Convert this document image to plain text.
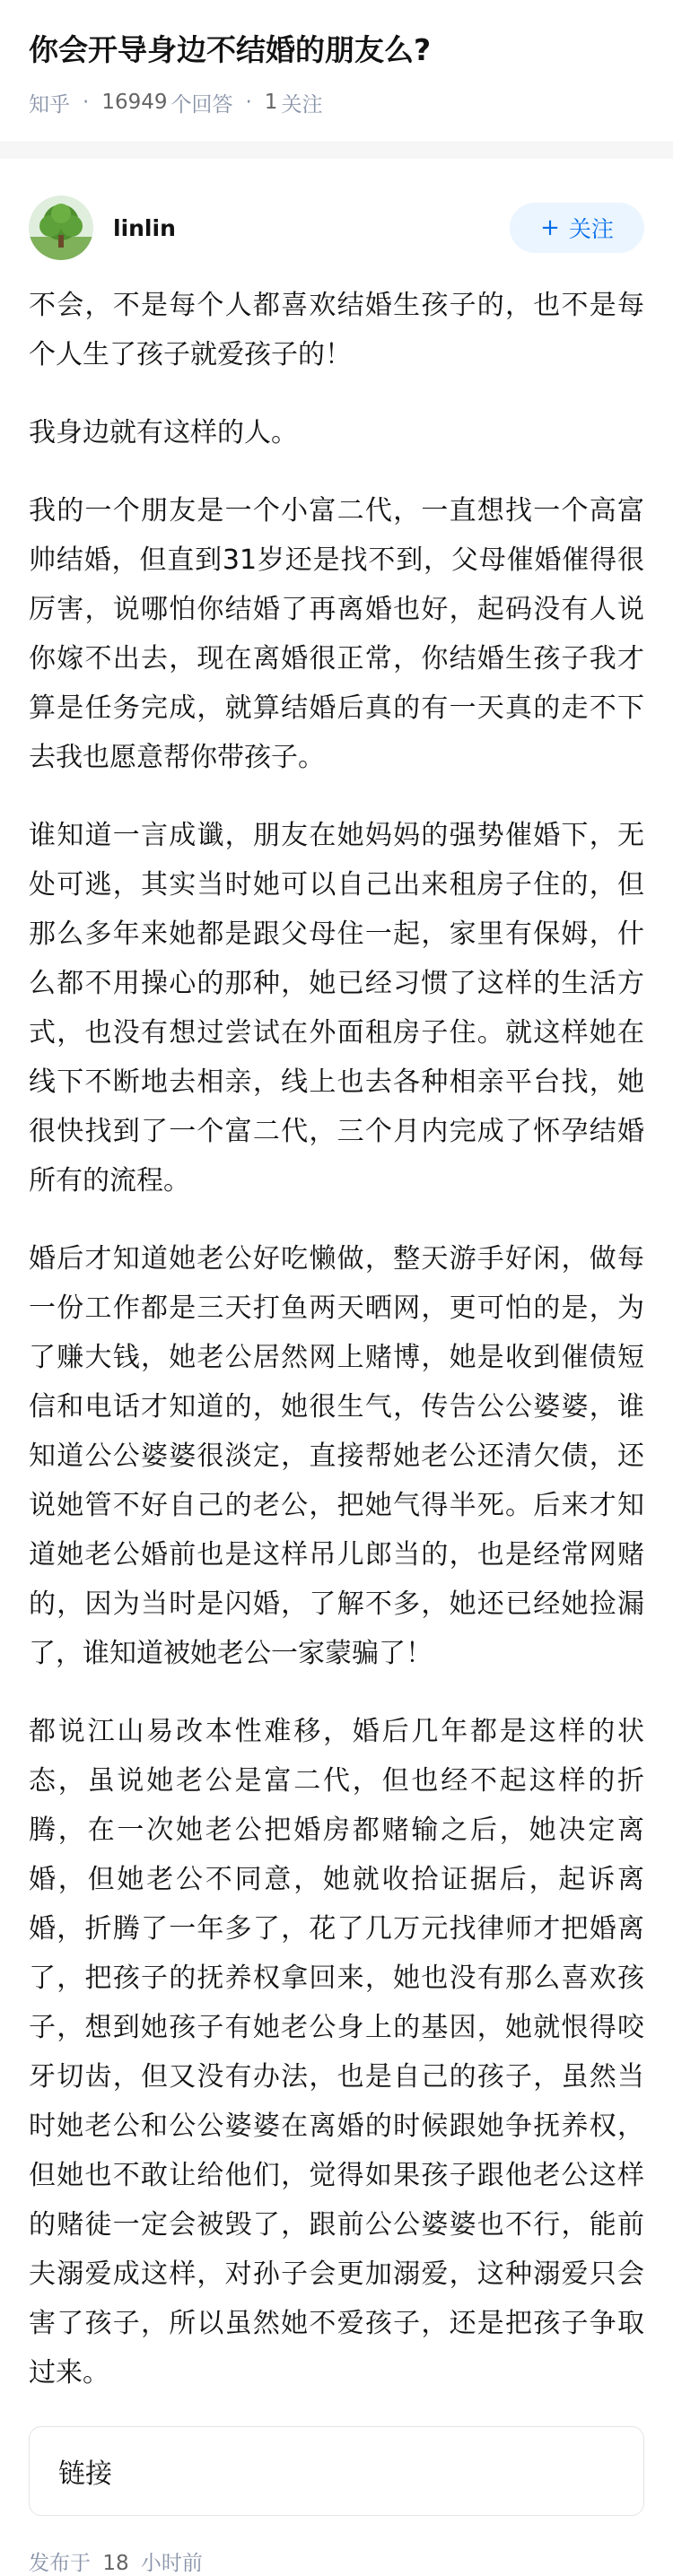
你会开导身边不结婚的朋友么?
知乎 · 16949 个回答 · 1 关注
linlin	+ 关注

不会，不是每个人都喜欢结婚生孩子的，也不是每个人生了孩子就爱孩子的！

我身边就有这样的人。

我的一个朋友是一个小富二代，一直想找一个高富帅结婚，但直到31岁还是找不到，父母催婚催得很厉害，说哪怕你结婚了再离婚也好，起码没有人说你嫁不出去，现在离婚很正常，你结婚生孩子我才算是任务完成，就算结婚后真的有一天真的走不下去我也愿意帮你带孩子。

谁知道一言成谶，朋友在她妈妈的强势催婚下，无处可逃，其实当时她可以自己出来租房子住的，但那么多年来她都是跟父母住一起，家里有保姆，什么都不用操心的那种，她已经习惯了这样的生活方式，也没有想过尝试在外面租房子住。就这样她在线下不断地去相亲，线上也去各种相亲平台找，她很快找到了一个富二代，三个月内完成了怀孕结婚所有的流程。

婚后才知道她老公好吃懒做，整天游手好闲，做每一份工作都是三天打鱼两天晒网，更可怕的是，为了赚大钱，她老公居然网上赌博，她是收到催债短信和电话才知道的，她很生气，传告公公婆婆，谁知道公公婆婆很淡定，直接帮她老公还清欠债，还说她管不好自己的老公，把她气得半死。后来才知道她老公婚前也是这样吊儿郎当的，也是经常网赌的，因为当时是闪婚，了解不多，她还已经她捡漏了，谁知道被她老公一家蒙骗了！

都说江山易改本性难移，婚后几年都是这样的状态，虽说她老公是富二代，但也经不起这样的折腾，在一次她老公把婚房都赌输之后，她决定离婚，但她老公不同意，她就收拾证据后，起诉离婚，折腾了一年多了，花了几万元找律师才把婚离了，把孩子的抚养权拿回来，她也没有那么喜欢孩子，想到她孩子有她老公身上的基因，她就恨得咬牙切齿，但又没有办法，也是自己的孩子，虽然当时她老公和公公婆婆在离婚的时候跟她争抚养权，但她也不敢让给他们，觉得如果孩子跟他老公这样的赌徒一定会被毁了，跟前公公婆婆也不行，能前夫溺爱成这样，对孙子会更加溺爱，这种溺爱只会害了孩子，所以虽然她不爱孩子，还是把孩子争取过来。

链接
发布于 18 小时前
